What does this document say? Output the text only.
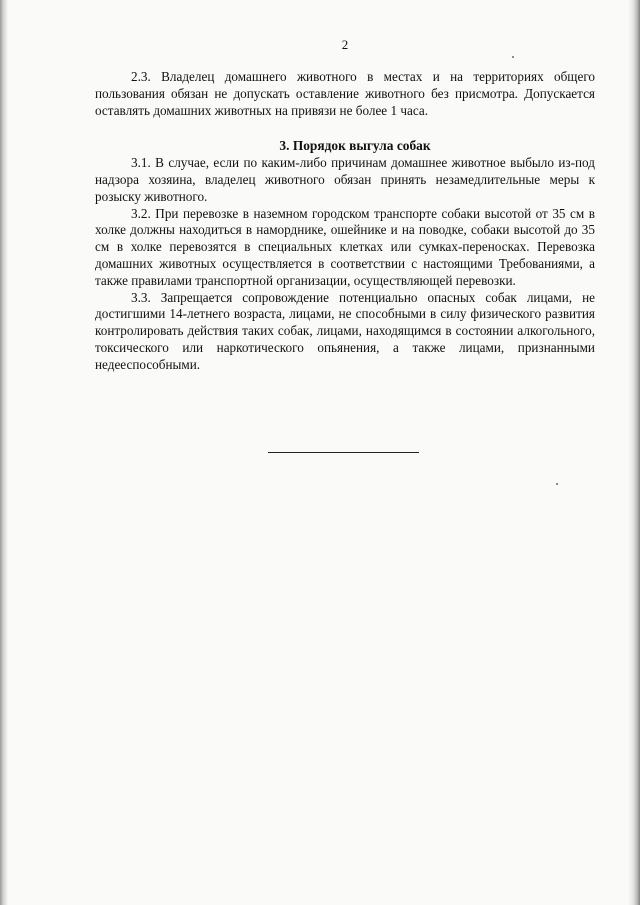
2

2.3. Владелец домашнего животного в местах и на территориях общего пользования обязан не допускать оставление животного без присмотра. Допускается оставлять домашних животных на привязи не более 1 часа.

3. Порядок выгула собак

3.1. В случае, если по каким-либо причинам домашнее животное выбыло из-под надзора хозяина, владелец животного обязан принять незамедлительные меры к розыску животного.

3.2. При перевозке в наземном городском транспорте собаки высотой от 35 см в холке должны находиться в наморднике, ошейнике и на поводке, собаки высотой до 35 см в холке перевозятся в специальных клетках или сумках-переносках. Перевозка домашних животных осуществляется в соответствии с настоящими Требованиями, а также правилами транспортной организации, осуществляющей перевозки.

3.3. Запрещается сопровождение потенциально опасных собак лицами, не достигшими 14-летнего возраста, лицами, не способными в силу физического развития контролировать действия таких собак, лицами, находящимся в состоянии алкогольного, токсического или наркотического опьянения, а также лицами, признанными недееспособными.
